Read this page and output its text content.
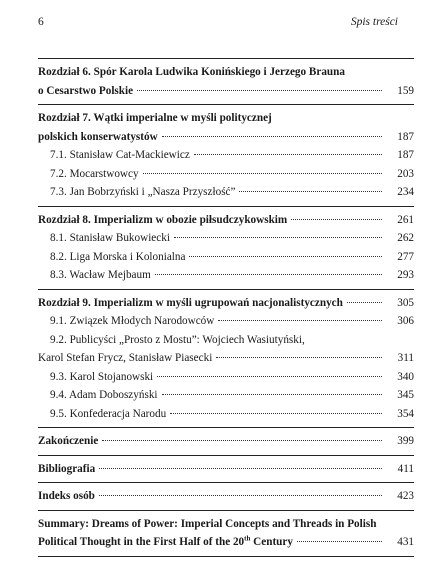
6	Spis treści
Rozdział 6. Spór Karola Ludwika Konińskiego i Jerzego Brauna
o Cesarstwo Polskie	159
Rozdział 7. Wątki imperialne w myśli politycznej
polskich konserwatystów	187
7.1. Stanisław Cat-Mackiewicz	187
7.2. Mocarstwowcy	203
7.3. Jan Bobrzyński i „Nasza Przyszłość”	234
Rozdział 8. Imperializm w obozie piłsudczykowskim	261
8.1. Stanisław Bukowiecki	262
8.2. Liga Morska i Kolonialna	277
8.3. Wacław Mejbaum	293
Rozdział 9. Imperializm w myśli ugrupowań nacjonalistycznych	305
9.1. Związek Młodych Narodowców	306
9.2. Publicyści „Prosto z Mostu”: Wojciech Wasiutyński,
Karol Stefan Frycz, Stanisław Piasecki	311
9.3. Karol Stojanowski	340
9.4. Adam Doboszyński	345
9.5. Konfederacja Narodu	354
Zakończenie	399
Bibliografia	411
Indeks osób	423
Summary: Dreams of Power: Imperial Concepts and Threads in Polish
Political Thought in the First Half of the 20th Century	431
